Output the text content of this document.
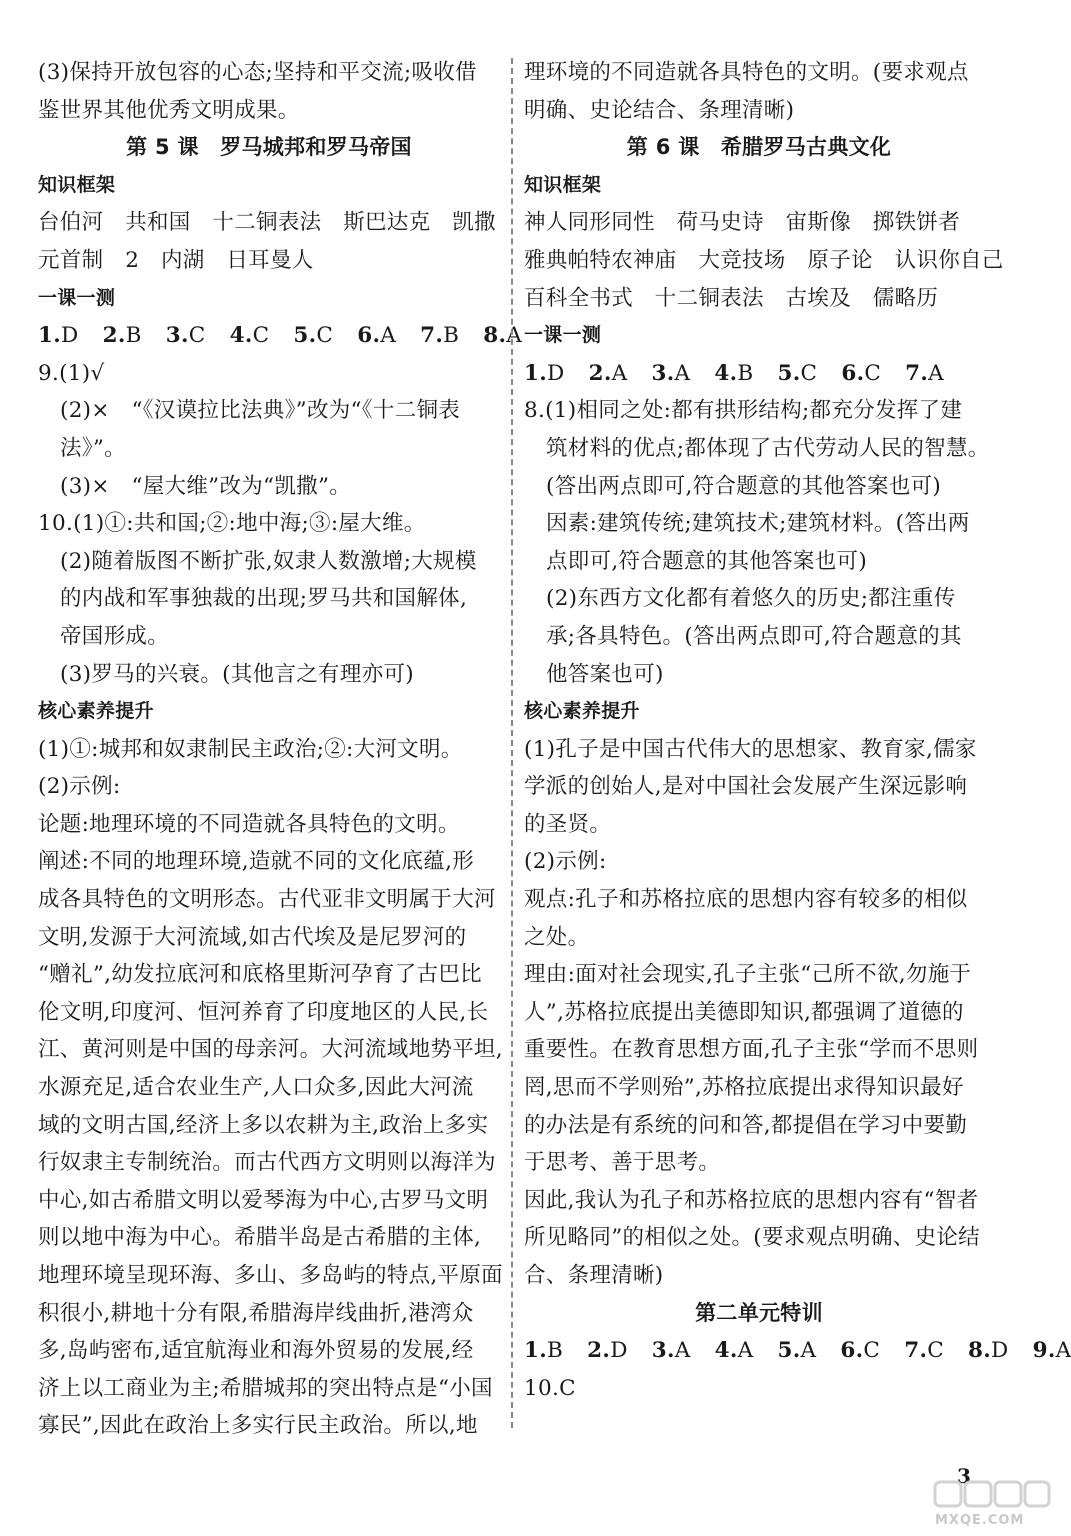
(3)保持开放包容的心态;坚持和平交流;吸收借
鉴世界其他优秀文明成果。
第 5 课　罗马城邦和罗马帝国
知识框架
台伯河　共和国　十二铜表法　斯巴达克　凯撒
元首制　2　内湖　日耳曼人
一课一测
1.D 2.B 3.C 4.C 5.C 6.A 7.B 8.A
9.(1)√
(2)×　“《汉谟拉比法典》”改为“《十二铜表
法》”。
(3)×　“屋大维”改为“凯撒”。
10.(1)①:共和国;②:地中海;③:屋大维。
(2)随着版图不断扩张,奴隶人数激增;大规模
的内战和军事独裁的出现;罗马共和国解体,
帝国形成。
(3)罗马的兴衰。(其他言之有理亦可)
核心素养提升
(1)①:城邦和奴隶制民主政治;②:大河文明。
(2)示例:
论题:地理环境的不同造就各具特色的文明。
阐述:不同的地理环境,造就不同的文化底蕴,形
成各具特色的文明形态。古代亚非文明属于大河
文明,发源于大河流域,如古代埃及是尼罗河的
“赠礼”,幼发拉底河和底格里斯河孕育了古巴比
伦文明,印度河、恒河养育了印度地区的人民,长
江、黄河则是中国的母亲河。大河流域地势平坦,
水源充足,适合农业生产,人口众多,因此大河流
域的文明古国,经济上多以农耕为主,政治上多实
行奴隶主专制统治。而古代西方文明则以海洋为
中心,如古希腊文明以爱琴海为中心,古罗马文明
则以地中海为中心。希腊半岛是古希腊的主体,
地理环境呈现环海、多山、多岛屿的特点,平原面
积很小,耕地十分有限,希腊海岸线曲折,港湾众
多,岛屿密布,适宜航海业和海外贸易的发展,经
济上以工商业为主;希腊城邦的突出特点是“小国
寡民”,因此在政治上多实行民主政治。所以,地
理环境的不同造就各具特色的文明。(要求观点
明确、史论结合、条理清晰)
第 6 课　希腊罗马古典文化
知识框架
神人同形同性　荷马史诗　宙斯像　掷铁饼者
雅典帕特农神庙　大竞技场　原子论　认识你自己
百科全书式　十二铜表法　古埃及　儒略历
一课一测
1.D 2.A 3.A 4.B 5.C 6.C 7.A
8.(1)相同之处:都有拱形结构;都充分发挥了建
筑材料的优点;都体现了古代劳动人民的智慧。
(答出两点即可,符合题意的其他答案也可)
因素:建筑传统;建筑技术;建筑材料。(答出两
点即可,符合题意的其他答案也可)
(2)东西方文化都有着悠久的历史;都注重传
承;各具特色。(答出两点即可,符合题意的其
他答案也可)
核心素养提升
(1)孔子是中国古代伟大的思想家、教育家,儒家
学派的创始人,是对中国社会发展产生深远影响
的圣贤。
(2)示例:
观点:孔子和苏格拉底的思想内容有较多的相似
之处。
理由:面对社会现实,孔子主张“己所不欲,勿施于
人”,苏格拉底提出美德即知识,都强调了道德的
重要性。在教育思想方面,孔子主张“学而不思则
罔,思而不学则殆”,苏格拉底提出求得知识最好
的办法是有系统的问和答,都提倡在学习中要勤
于思考、善于思考。
因此,我认为孔子和苏格拉底的思想内容有“智者
所见略同”的相似之处。(要求观点明确、史论结
合、条理清晰)
第二单元特训
1.B 2.D 3.A 4.A 5.A 6.C 7.C 8.D 9.A
10.C
3
MXQE.COM
